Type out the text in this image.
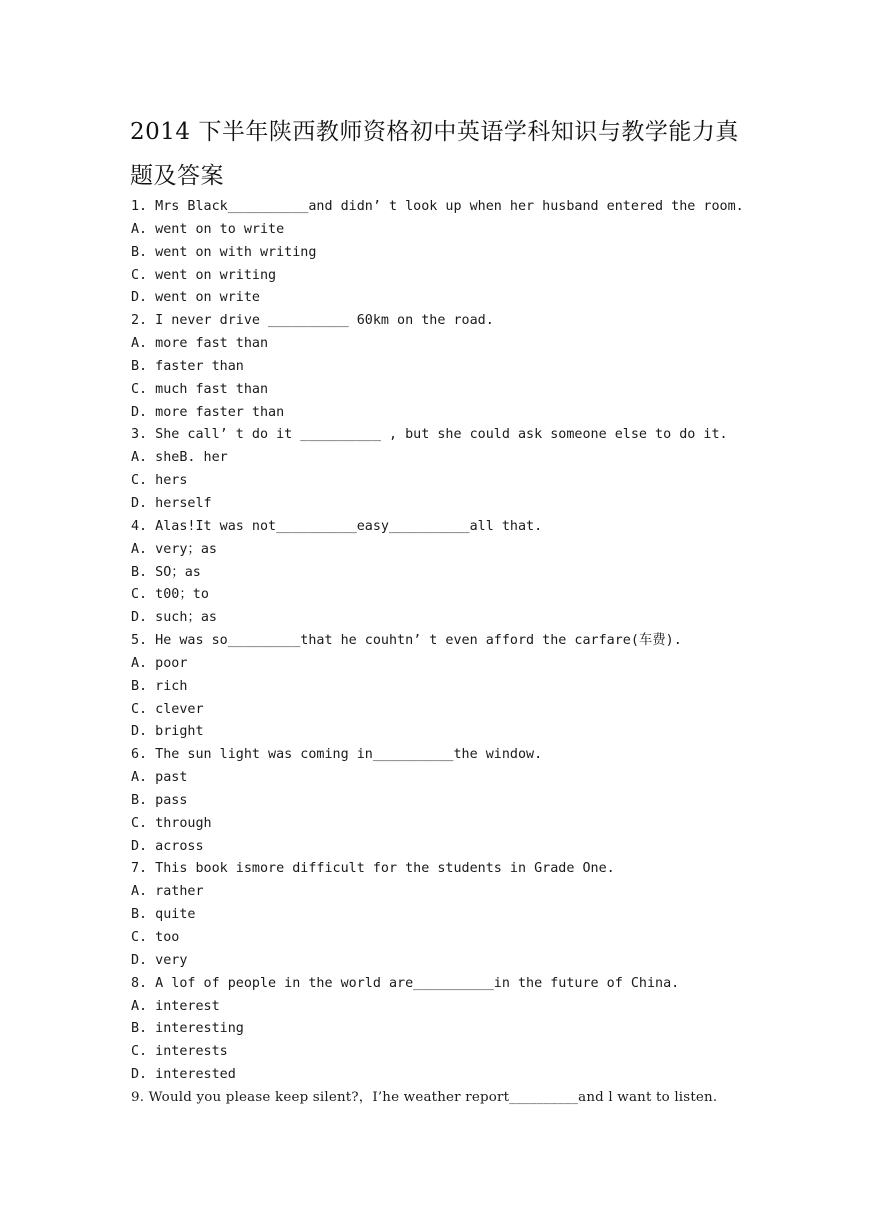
2014 下半年陕西教师资格初中英语学科知识与教学能力真
题及答案
1. Mrs Black__________and didn’ t look up when her husband entered the room.
A. went on to write
B. went on with writing
C. went on writing
D. went on write
2. I never drive __________ 60km on the road.
A. more fast than
B. faster than
C. much fast than
D. more faster than
3. She call’ t do it __________ , but she could ask someone else to do it.
A. sheB. her
C. hers
D. herself
4. Alas!It was not__________easy__________all that.
A. very；as
B. SO；as
C. t00；to
D. such；as
5. He was so_________that he couhtn’ t even afford the carfare(车费).
A. poor
B. rich
C. clever
D. bright
6. The sun light was coming in__________the window.
A. past
B. pass
C. through
D. across
7. This book ismore difficult for the students in Grade One.
A. rather
B. quite
C. too
D. very
8. A lof of people in the world are__________in the future of China.
A. interest
B. interesting
C. interests
D. interested
9. Would you please keep silent?，I’he weather report__________and l want to listen.
